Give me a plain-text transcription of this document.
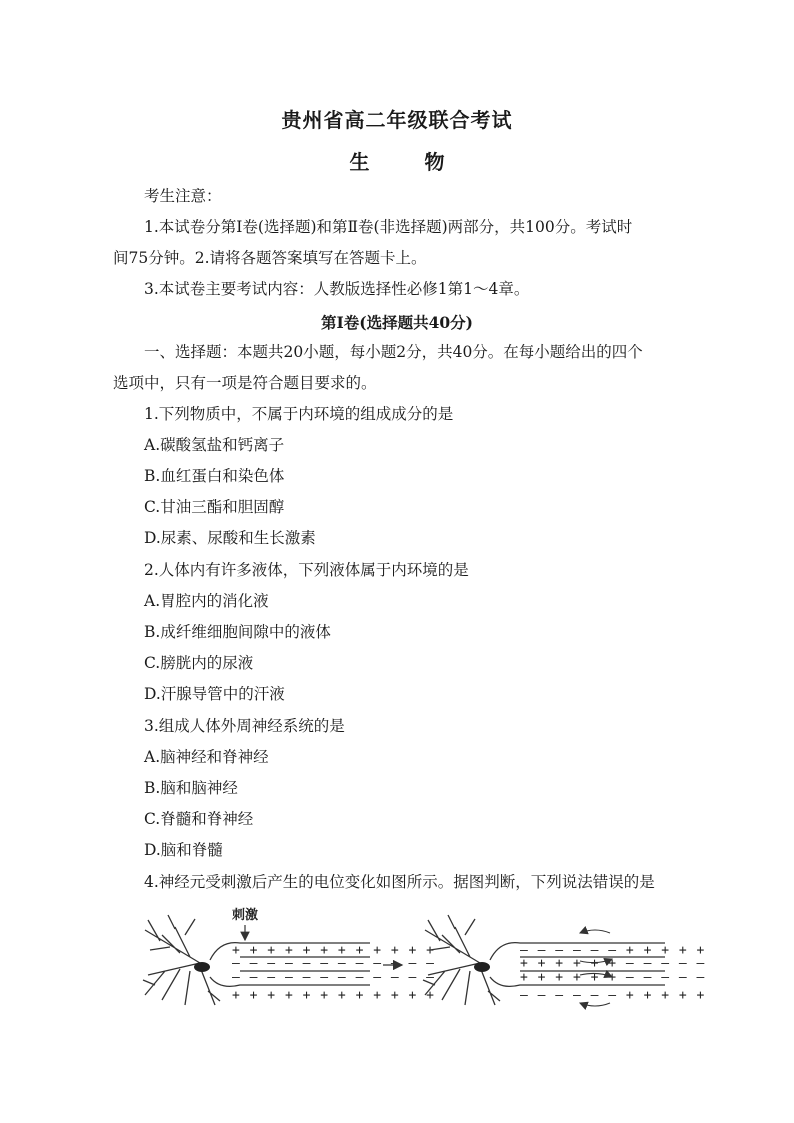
贵州省高二年级联合考试
生 物
考生注意：
1.本试卷分第Ⅰ卷(选择题)和第Ⅱ卷(非选择题)两部分，共100分。考试时
间75分钟。2.请将各题答案填写在答题卡上。
3.本试卷主要考试内容：人教版选择性必修1第1～4章。
第Ⅰ卷(选择题共40分)
一、选择题：本题共20小题，每小题2分，共40分。在每小题给出的四个
选项中，只有一项是符合题目要求的。
1.下列物质中，不属于内环境的组成成分的是
A.碳酸氢盐和钙离子
B.血红蛋白和染色体
C.甘油三酯和胆固醇
D.尿素、尿酸和生长激素
2.人体内有许多液体，下列液体属于内环境的是
A.胃腔内的消化液
B.成纤维细胞间隙中的液体
C.膀胱内的尿液
D.汗腺导管中的汗液
3.组成人体外周神经系统的是
A.脑神经和脊神经
B.脑和脑神经
C.脊髓和脊神经
D.脑和脊髓
4.神经元受刺激后产生的电位变化如图所示。据图判断，下列说法错误的是
刺激
+ + + + + + + + + + + +
– – – – – – – – – – – –
– – – – – – – – – – – –
+ + + + + + + + + + + +
– – – – – – + + + + +
+ + + + + + – – – – –
+ + + + + + – – – – –
– – – – – – + + + + +
